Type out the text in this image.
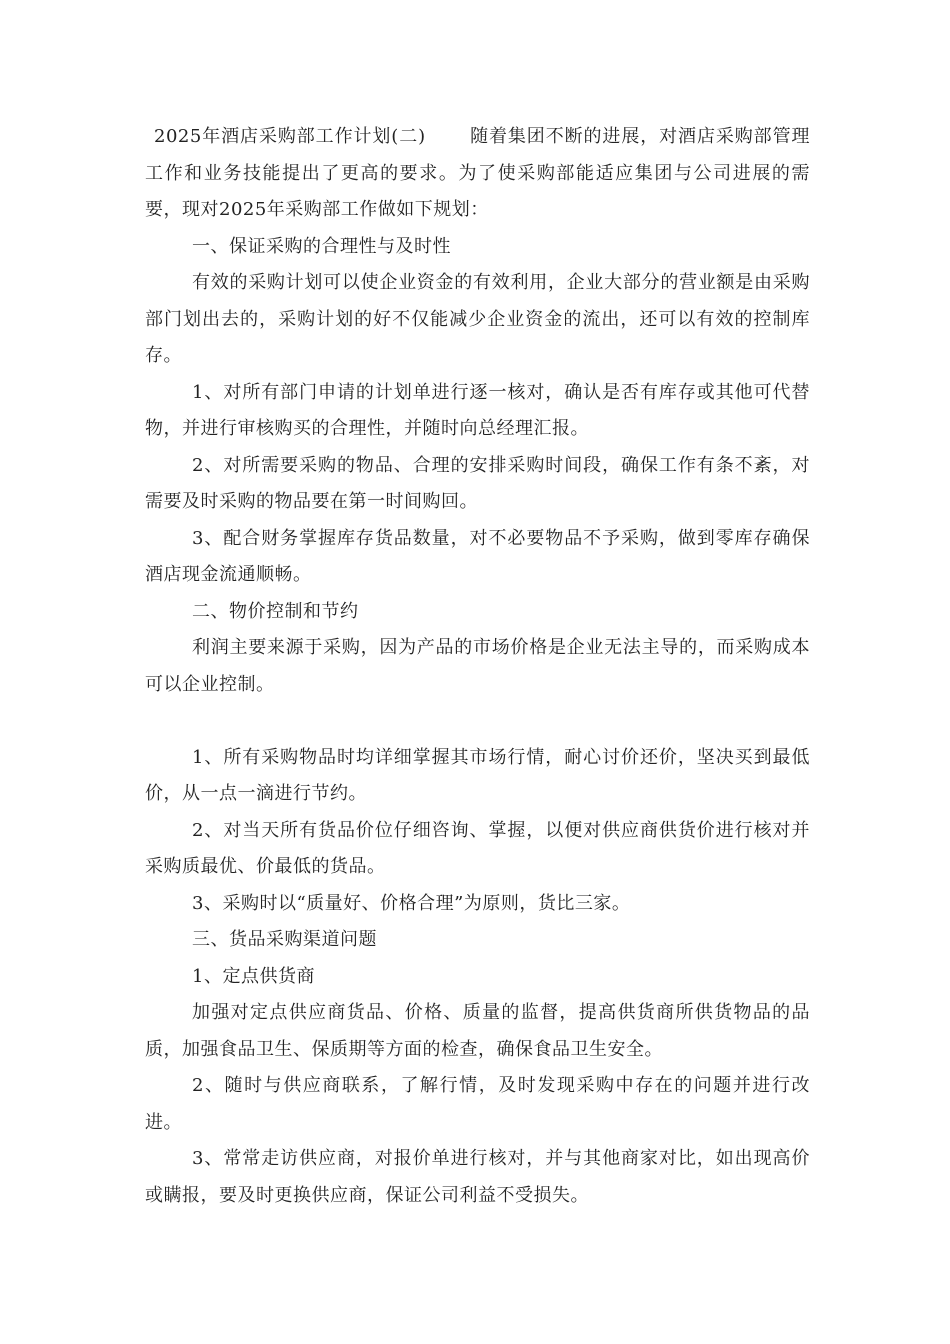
2025年酒店采购部工作计划(二) 随着集团不断的进展，对酒店采购部管理工作和业务技能提出了更高的要求。为了使采购部能适应集团与公司进展的需要，现对2025年采购部工作做如下规划：

一、保证采购的合理性与及时性

有效的采购计划可以使企业资金的有效利用，企业大部分的营业额是由采购部门划出去的，采购计划的好不仅能减少企业资金的流出，还可以有效的控制库存。

1、对所有部门申请的计划单进行逐一核对，确认是否有库存或其他可代替物，并进行审核购买的合理性，并随时向总经理汇报。

2、对所需要采购的物品、合理的安排采购时间段，确保工作有条不紊，对需要及时采购的物品要在第一时间购回。

3、配合财务掌握库存货品数量，对不必要物品不予采购，做到零库存确保酒店现金流通顺畅。

二、物价控制和节约

利润主要来源于采购，因为产品的市场价格是企业无法主导的，而采购成本可以企业控制。

1、所有采购物品时均详细掌握其市场行情，耐心讨价还价，坚决买到最低价，从一点一滴进行节约。

2、对当天所有货品价位仔细咨询、掌握，以便对供应商供货价进行核对并采购质最优、价最低的货品。

3、采购时以“质量好、价格合理”为原则，货比三家。

三、货品采购渠道问题

1、定点供货商

加强对定点供应商货品、价格、质量的监督，提高供货商所供货物品的品质，加强食品卫生、保质期等方面的检查，确保食品卫生安全。

2、随时与供应商联系，了解行情，及时发现采购中存在的问题并进行改进。

3、常常走访供应商，对报价单进行核对，并与其他商家对比，如出现高价或瞒报，要及时更换供应商，保证公司利益不受损失。
